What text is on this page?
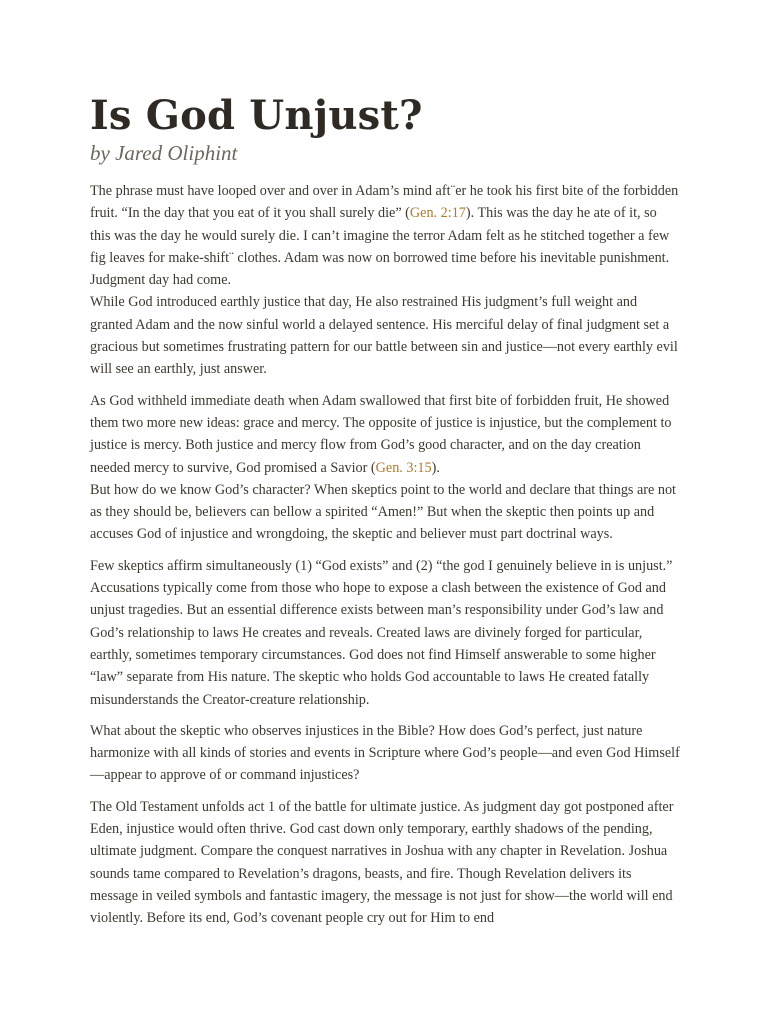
Is God Unjust?
by Jared Oliphint

The phrase must have looped over and over in Adam’s mind aft¨er he took his first bite of the forbidden fruit. “In the day that you eat of it you shall surely die” (Gen. 2:17). This was the day he ate of it, so this was the day he would surely die. I can’t imagine the terror Adam felt as he stitched together a few fig leaves for make-shift¨ clothes. Adam was now on borrowed time before his inevitable punishment. Judgment day had come.

While God introduced earthly justice that day, He also restrained His judgment’s full weight and granted Adam and the now sinful world a delayed sentence. His merciful delay of final judgment set a gracious but sometimes frustrating pattern for our battle between sin and justice—not every earthly evil will see an earthly, just answer.

As God withheld immediate death when Adam swallowed that first bite of forbidden fruit, He showed them two more new ideas: grace and mercy. The opposite of justice is injustice, but the complement to justice is mercy. Both justice and mercy flow from God’s good character, and on the day creation needed mercy to survive, God promised a Savior (Gen. 3:15).

But how do we know God’s character? When skeptics point to the world and declare that things are not as they should be, believers can bellow a spirited “Amen!” But when the skeptic then points up and accuses God of injustice and wrongdoing, the skeptic and believer must part doctrinal ways.

Few skeptics affirm simultaneously (1) “God exists” and (2) “the god I genuinely believe in is unjust.” Accusations typically come from those who hope to expose a clash between the existence of God and unjust tragedies. But an essential difference exists between man’s responsibility under God’s law and God’s relationship to laws He creates and reveals. Created laws are divinely forged for particular, earthly, sometimes temporary circumstances. God does not find Himself answerable to some higher “law” separate from His nature. The skeptic who holds God accountable to laws He created fatally misunderstands the Creator-creature relationship.

What about the skeptic who observes injustices in the Bible? How does God’s perfect, just nature harmonize with all kinds of stories and events in Scripture where God’s people—and even God Himself—appear to approve of or command injustices?

The Old Testament unfolds act 1 of the battle for ultimate justice. As judgment day got postponed after Eden, injustice would often thrive. God cast down only temporary, earthly shadows of the pending, ultimate judgment. Compare the conquest narratives in Joshua with any chapter in Revelation. Joshua sounds tame compared to Revelation’s dragons, beasts, and fire. Though Revelation delivers its message in veiled symbols and fantastic imagery, the message is not just for show—the world will end violently. Before its end, God’s covenant people cry out for Him to end
